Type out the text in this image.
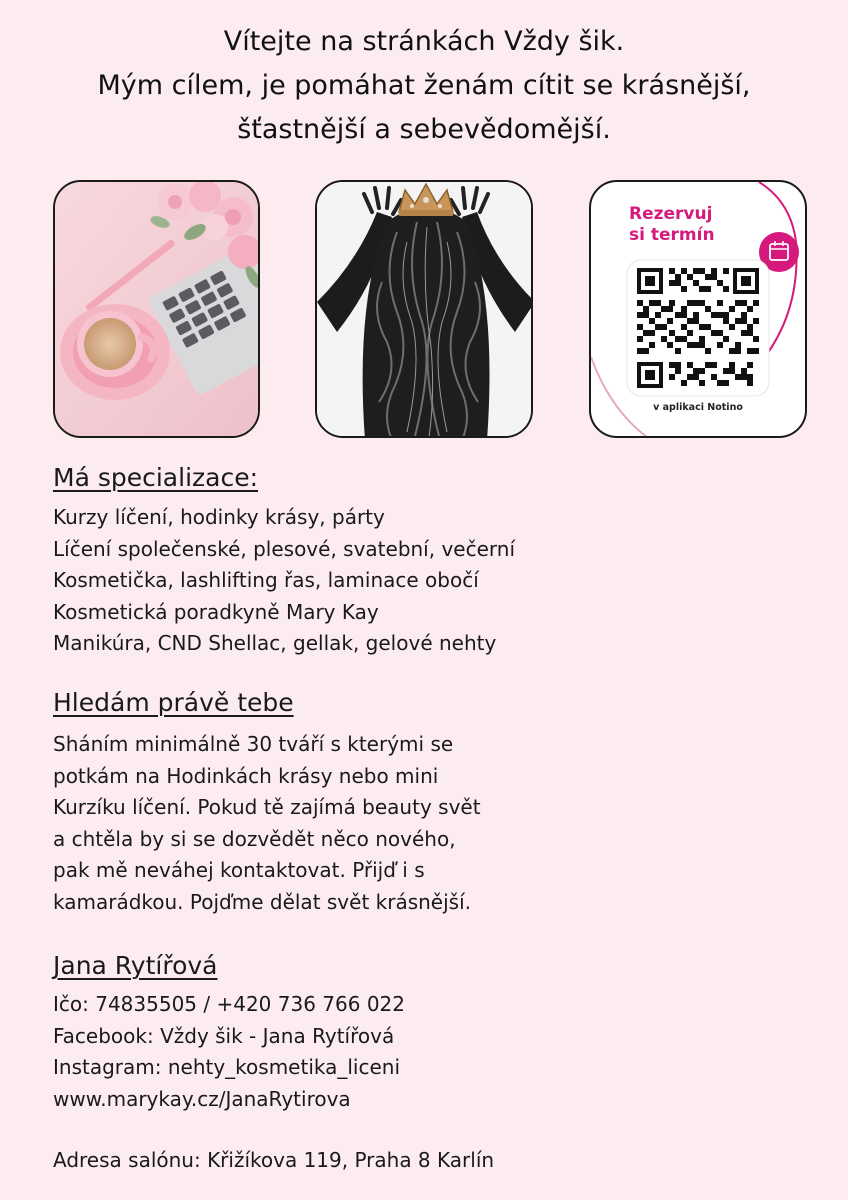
Vítejte na stránkách Vždy šik.
Mým cílem, je pomáhat ženám cítit se krásnější,
šťastnější a sebevědomější.
Rezervuj
si termín
v aplikaci Notino
Má specializace:
Kurzy líčení, hodinky krásy, párty
Líčení společenské, plesové, svatební, večerní
Kosmetička, lashlifting řas, laminace obočí
Kosmetická poradkyně Mary Kay
Manikúra, CND Shellac, gellak, gelové nehty
Hledám právě tebe
Sháním minimálně 30 tváří s kterými se
potkám na Hodinkách krásy nebo mini
Kurzíku líčení. Pokud tě zajímá beauty svět
a chtěla by si se dozvědět něco nového,
pak mě neváhej kontaktovat. Přijď i s
kamarádkou. Pojďme dělat svět krásnější.
Jana Rytířová
Ičo: 74835505 / +420 736 766 022
Facebook: Vždy šik - Jana Rytířová
Instagram: nehty_kosmetika_liceni
www.marykay.cz/JanaRytirova
Adresa salónu: Křižíkova 119, Praha 8 Karlín
